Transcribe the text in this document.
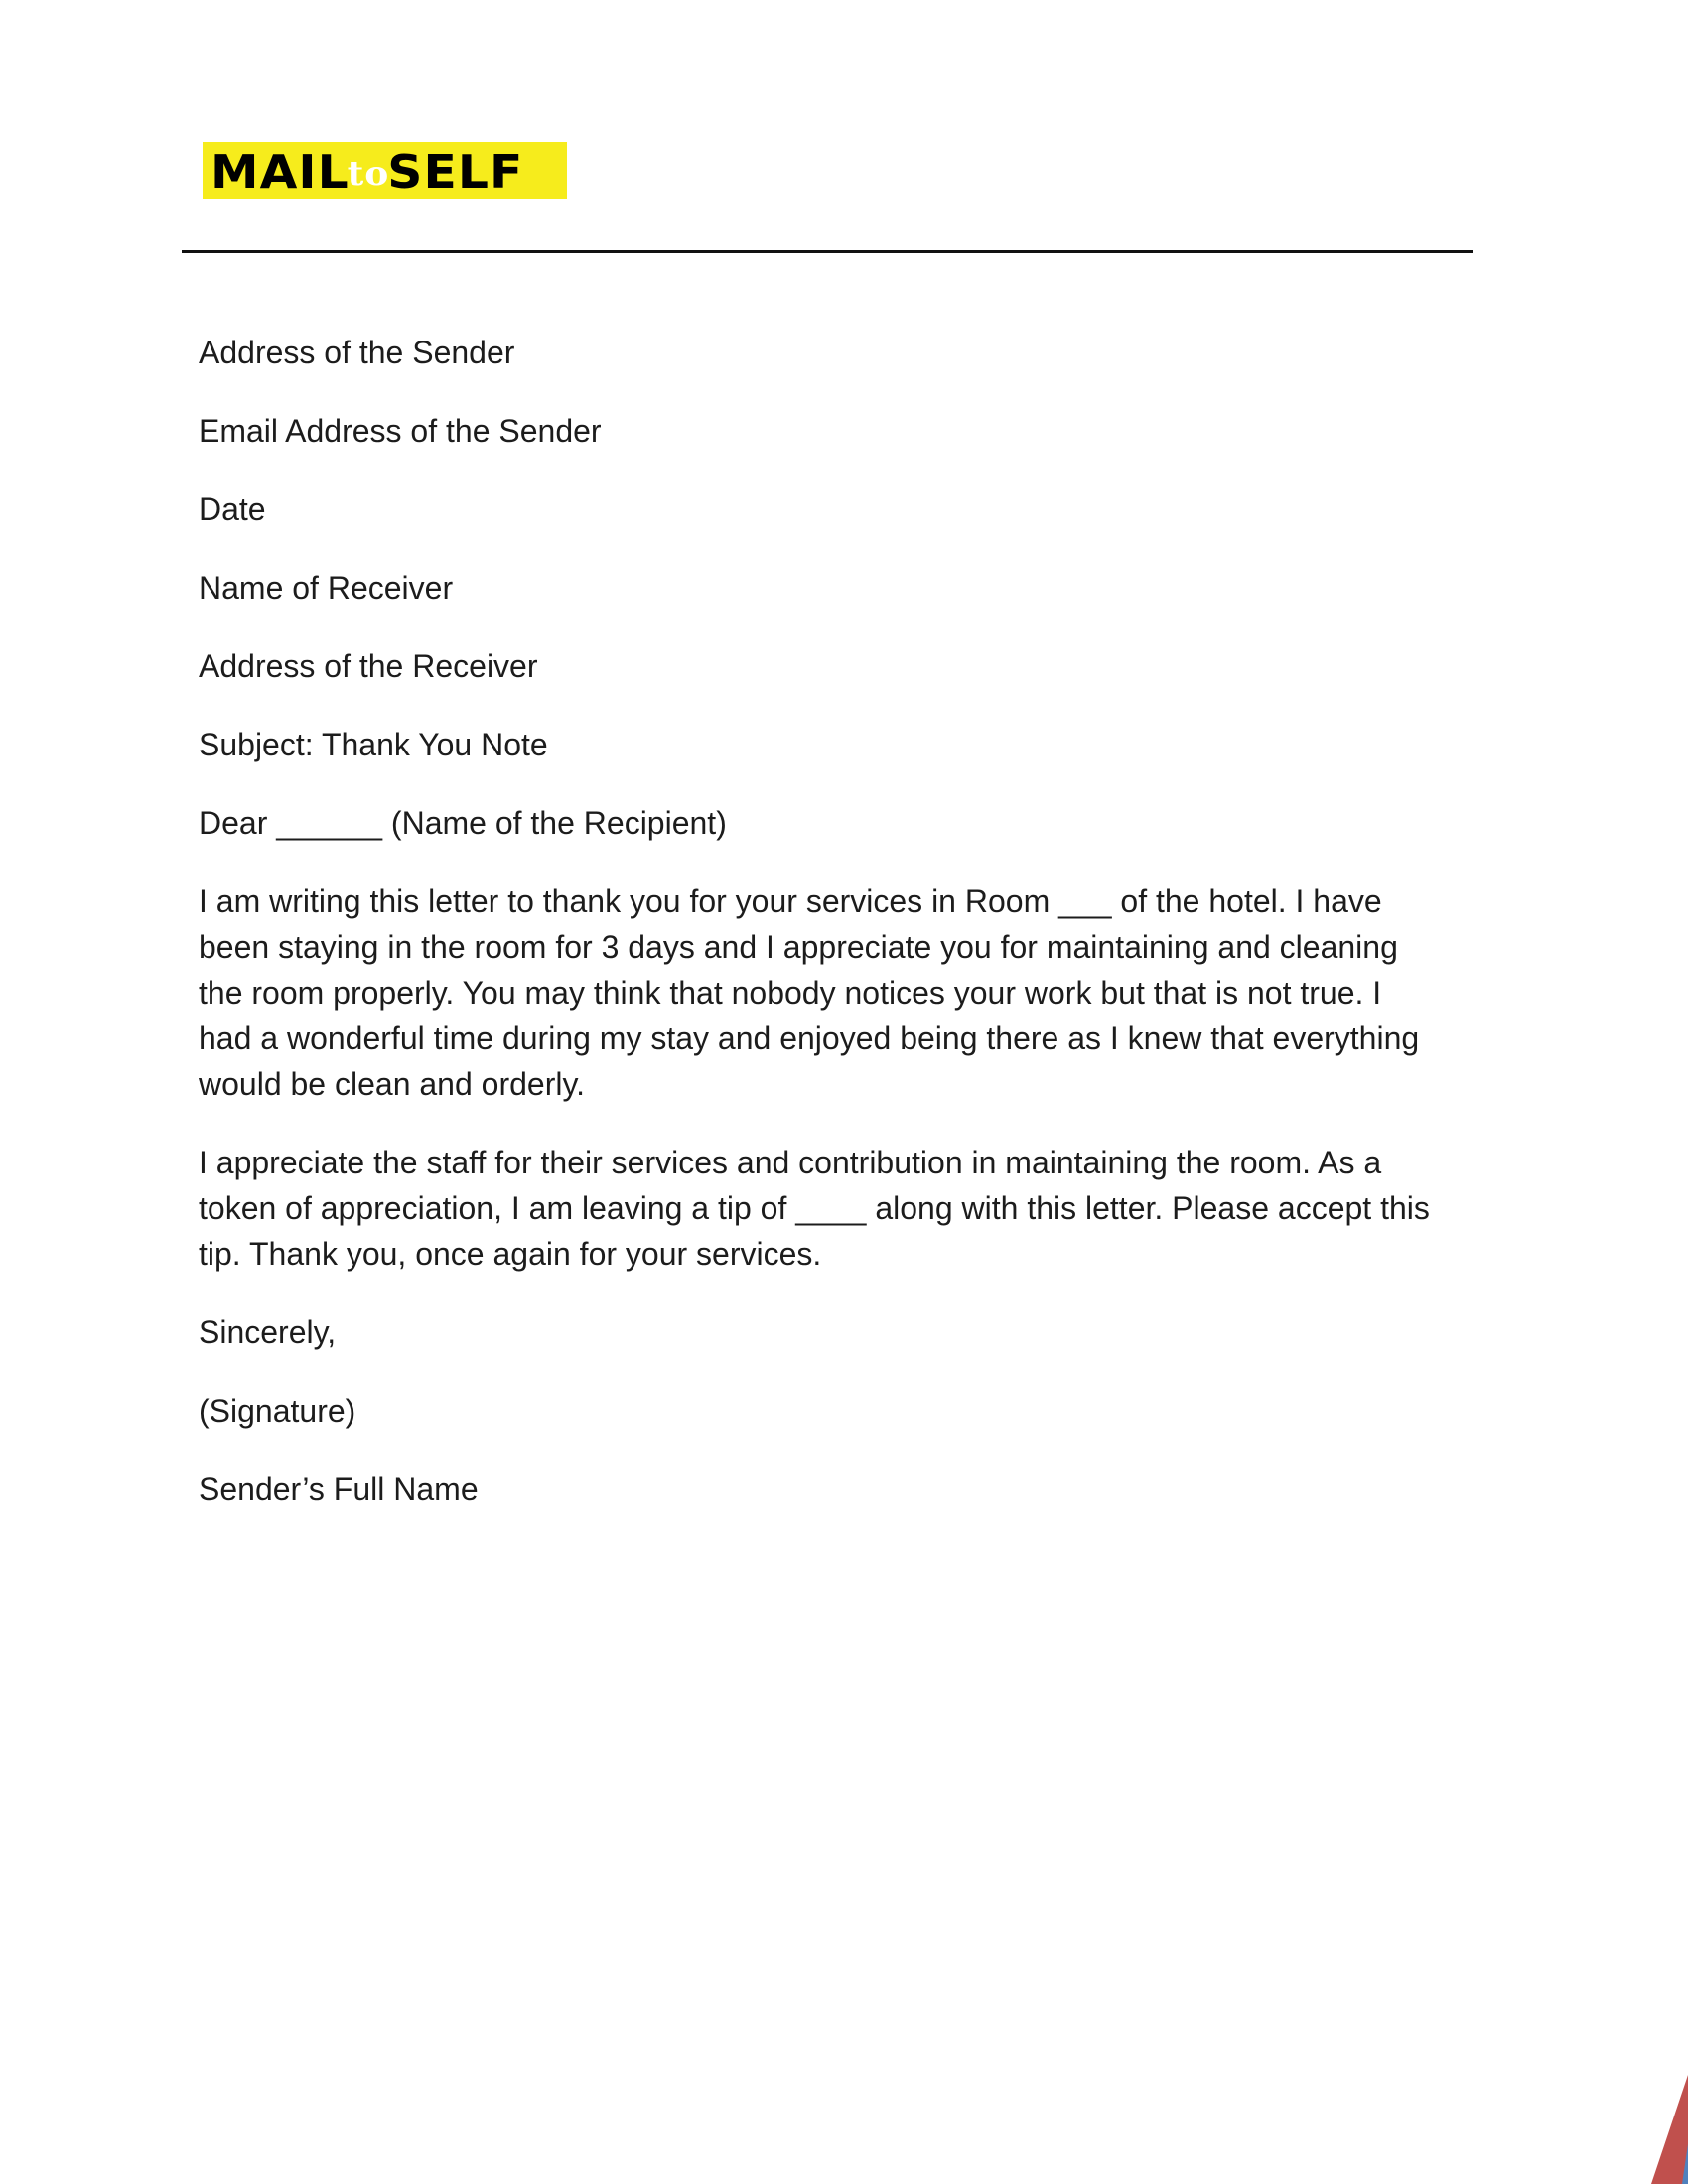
MAILtoSELF
Address of the Sender
Email Address of the Sender
Date
Name of Receiver
Address of the Receiver
Subject: Thank You Note
Dear ______ (Name of the Recipient)
I am writing this letter to thank you for your services in Room ___ of the hotel. I have
been staying in the room for 3 days and I appreciate you for maintaining and cleaning
the room properly. You may think that nobody notices your work but that is not true. I
had a wonderful time during my stay and enjoyed being there as I knew that everything
would be clean and orderly.
I appreciate the staff for their services and contribution in maintaining the room. As a
token of appreciation, I am leaving a tip of ____ along with this letter. Please accept this
tip. Thank you, once again for your services.
Sincerely,
(Signature)
Sender’s Full Name
